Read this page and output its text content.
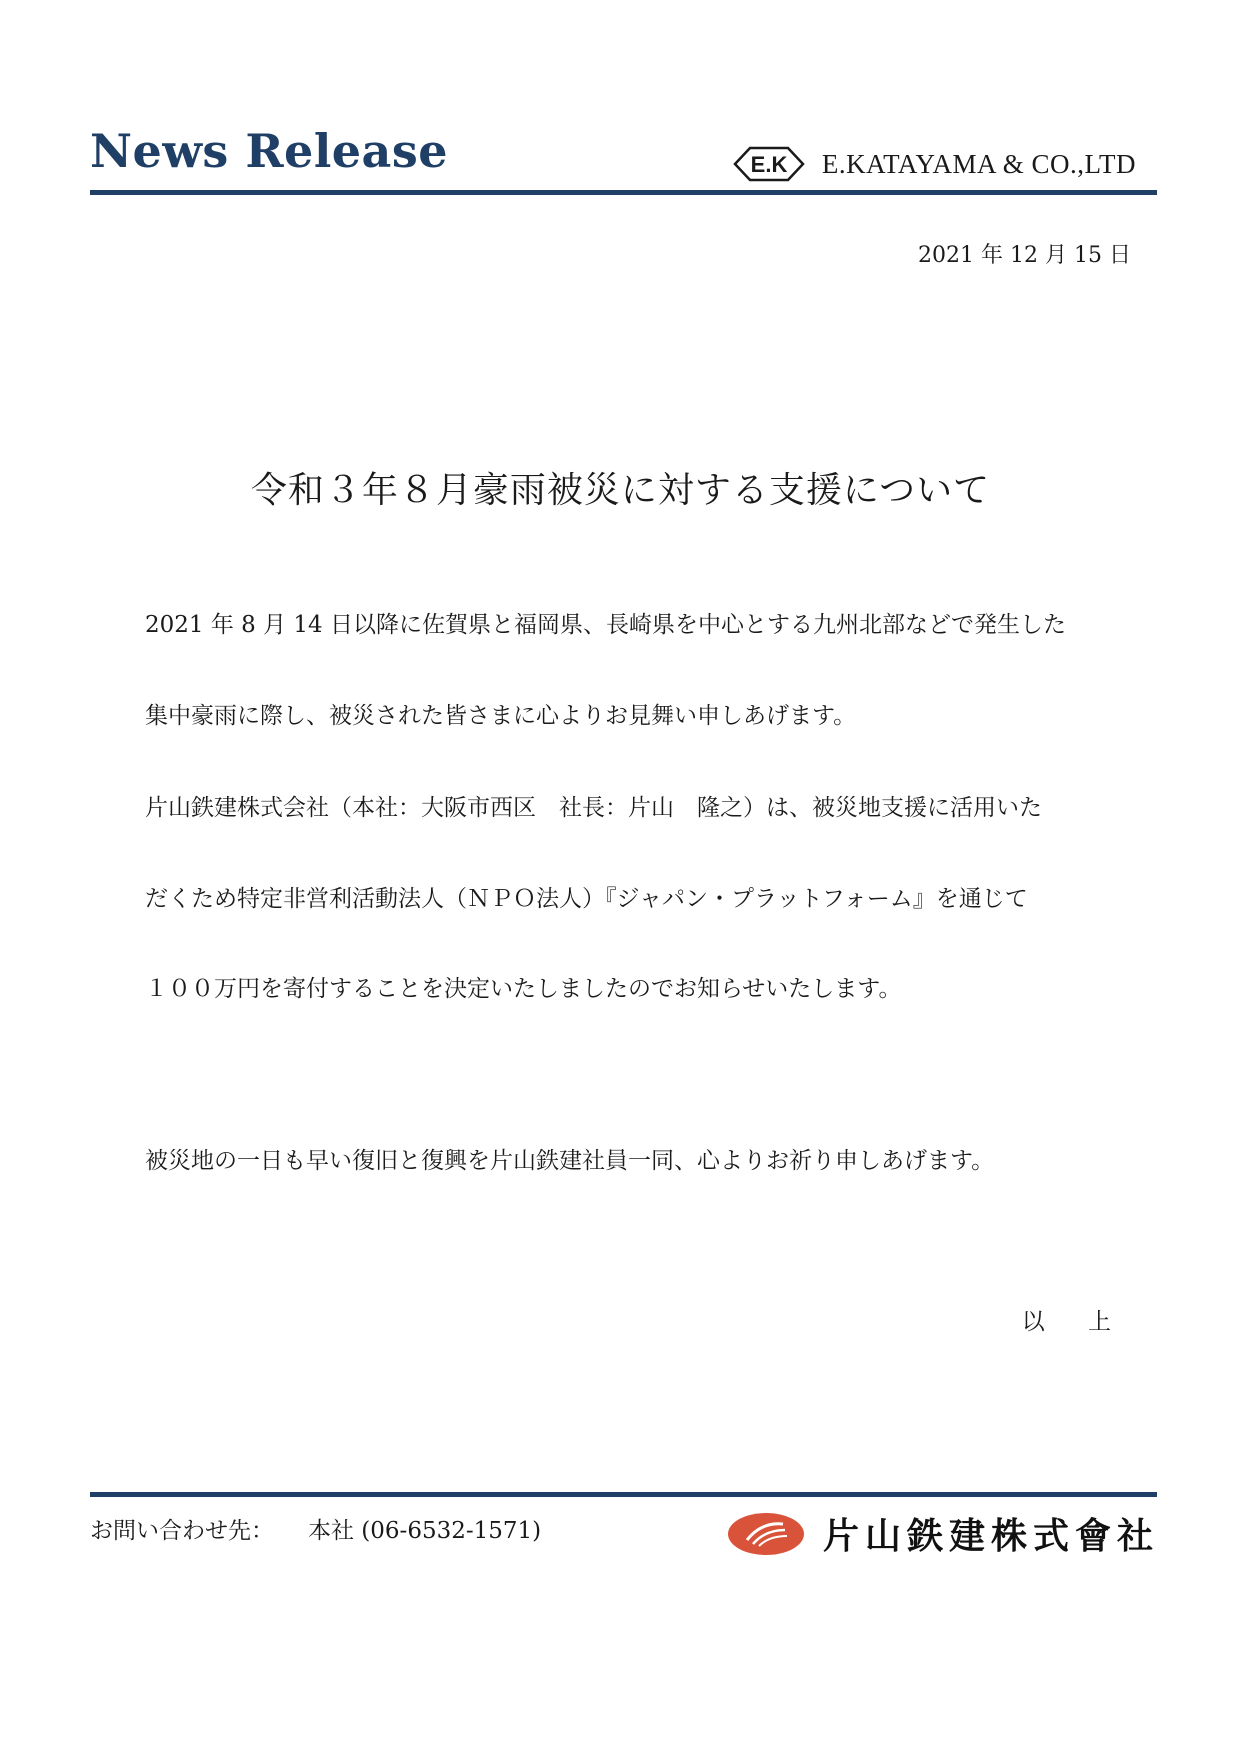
News Release	E.K E.KATAYAMA & CO.,LTD
2021 年 12 月 15 日
令和３年８月豪雨被災に対する支援について
2021 年 8 月 14 日以降に佐賀県と福岡県、長崎県を中心とする九州北部などで発生した
集中豪雨に際し、被災された皆さまに心よりお見舞い申しあげます。
片山鉄建株式会社（本社：大阪市西区　社長：片山　隆之）は、被災地支援に活用いた
だくため特定非営利活動法人（ＮＰＯ法人）『ジャパン・プラットフォーム』を通じて
１００万円を寄付することを決定いたしましたのでお知らせいたします。
被災地の一日も早い復旧と復興を片山鉄建社員一同、心よりお祈り申しあげます。
以 上
お問い合わせ先： 本社 (06-6532-1571)	片山鉄建株式會社
